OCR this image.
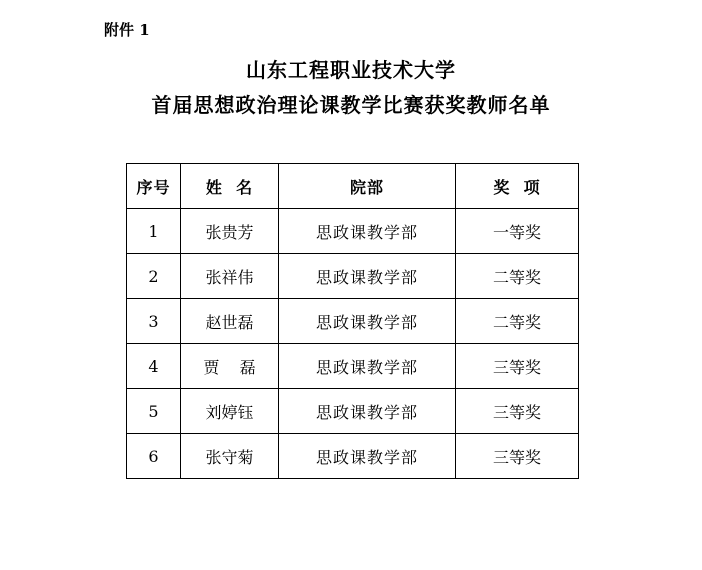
附件 1
山东工程职业技术大学
首届思想政治理论课教学比赛获奖教师名单
序号	姓  名	院部	奖  项
1	张贵芳	思政课教学部	一等奖
2	张祥伟	思政课教学部	二等奖
3	赵世磊	思政课教学部	二等奖
4	贾    磊	思政课教学部	三等奖
5	刘婷钰	思政课教学部	三等奖
6	张守菊	思政课教学部	三等奖
